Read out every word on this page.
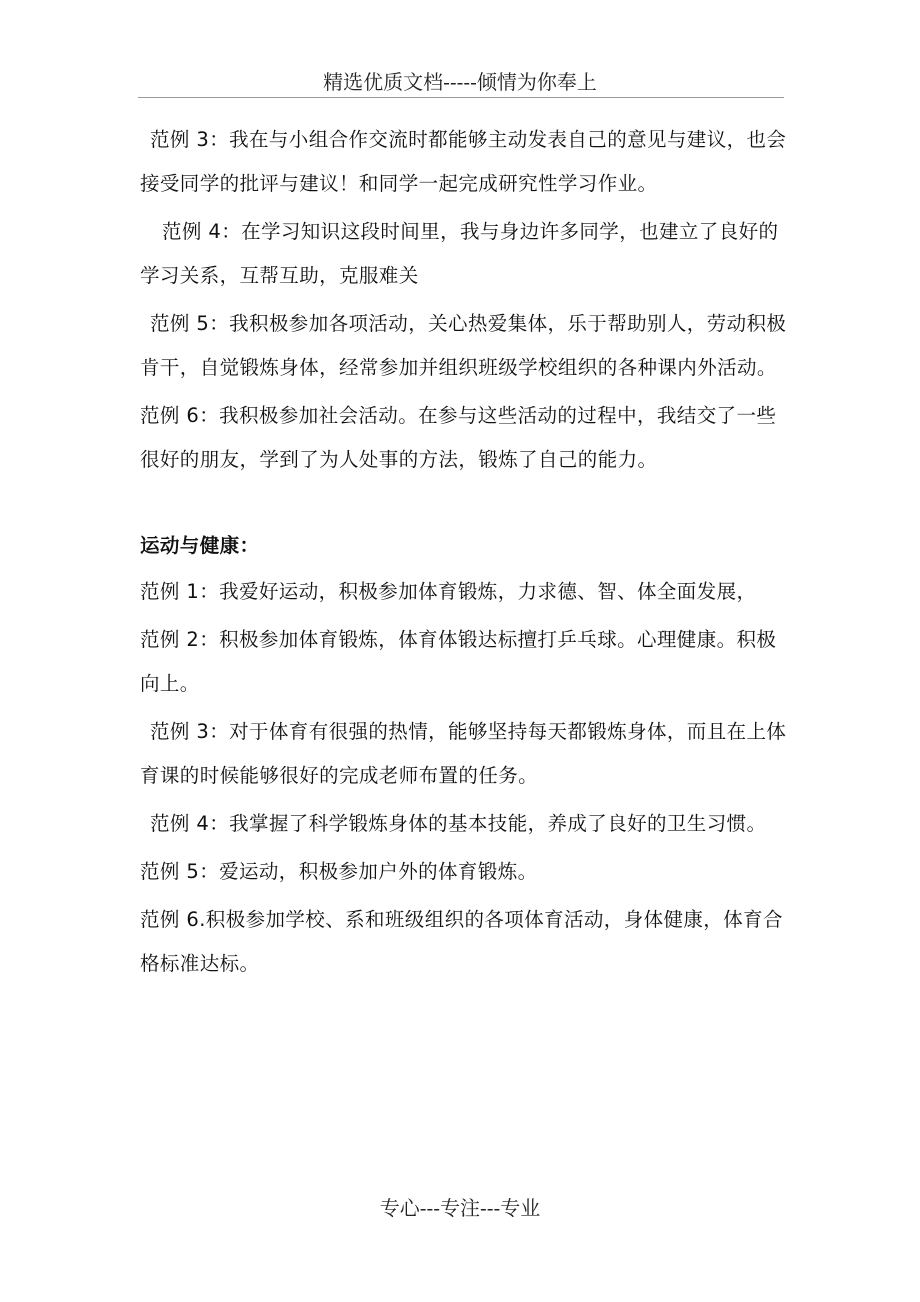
精选优质文档-----倾情为你奉上

范例 3：我在与小组合作交流时都能够主动发表自己的意见与建议，也会接受同学的批评与建议！和同学一起完成研究性学习作业。

范例 4：在学习知识这段时间里，我与身边许多同学，也建立了良好的学习关系，互帮互助，克服难关

范例 5：我积极参加各项活动，关心热爱集体，乐于帮助别人，劳动积极肯干，自觉锻炼身体，经常参加并组织班级学校组织的各种课内外活动。

范例 6：我积极参加社会活动。在参与这些活动的过程中，我结交了一些很好的朋友，学到了为人处事的方法，锻炼了自己的能力。

运动与健康：

范例 1：我爱好运动，积极参加体育锻炼，力求德、智、体全面发展，

范例 2：积极参加体育锻炼，体育体锻达标擅打乒乓球。心理健康。积极向上。

范例 3：对于体育有很强的热情，能够坚持每天都锻炼身体，而且在上体育课的时候能够很好的完成老师布置的任务。

范例 4：我掌握了科学锻炼身体的基本技能，养成了良好的卫生习惯。

范例 5：爱运动，积极参加户外的体育锻炼。

范例 6.积极参加学校、系和班级组织的各项体育活动，身体健康，体育合格标准达标。

专心---专注---专业
